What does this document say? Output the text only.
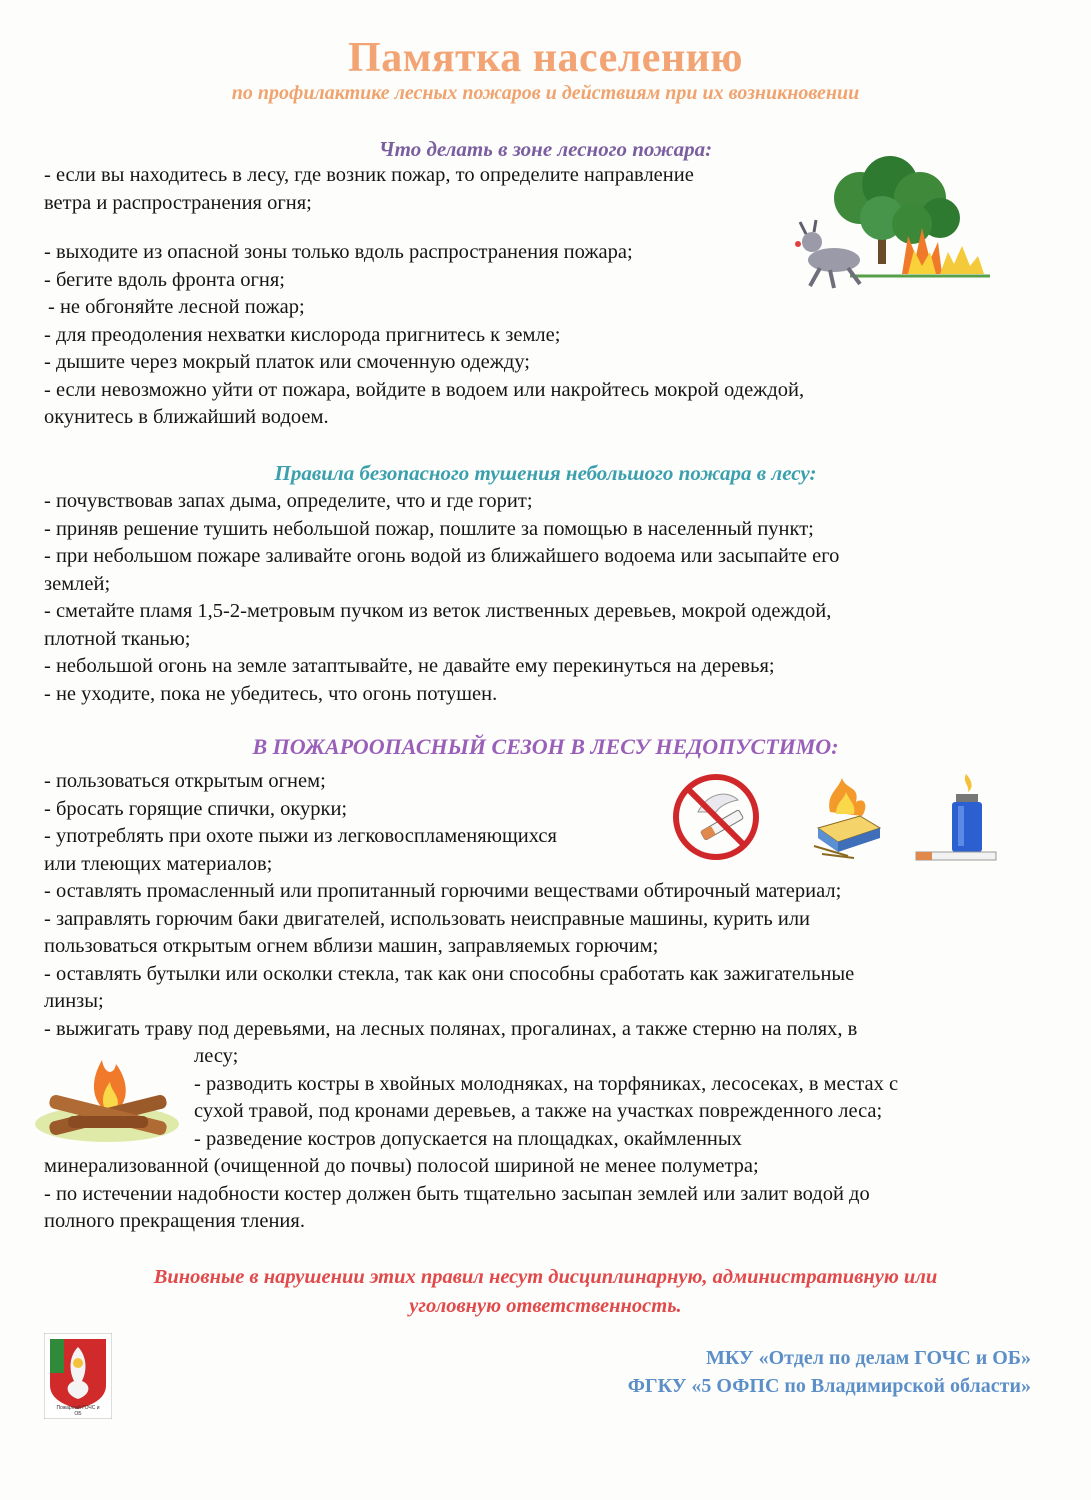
Памятка населению
по профилактике лесных пожаров и действиям при их возникновении
Что делать в зоне лесного пожара:

- если вы находитесь в лесу, где возник пожар, то определите направление

ветра и распространения огня;

- выходите из опасной зоны только вдоль распространения пожара;

- бегите вдоль фронта огня;

- не обгоняйте лесной пожар;

- для преодоления нехватки кислорода пригнитесь к земле;

- дышите через мокрый платок или смоченную одежду;

- если невозможно уйти от пожара, войдите в водоем или накройтесь мокрой одеждой,

окунитесь в ближайший водоем.

Правила безопасного тушения небольшого пожара в лесу:

- почувствовав запах дыма, определите, что и где горит;

- приняв решение тушить небольшой пожар, пошлите за помощью в населенный пункт;

- при небольшом пожаре заливайте огонь водой из ближайшего водоема или засыпайте его

землей;

- сметайте пламя 1,5-2-метровым пучком из веток лиственных деревьев, мокрой одеждой,

плотной тканью;

- небольшой огонь на земле затаптывайте, не давайте ему перекинуться на деревья;

- не уходите, пока не убедитесь, что огонь потушен.

В ПОЖАРООПАСНЫЙ СЕЗОН В ЛЕСУ НЕДОПУСТИМО:

- пользоваться открытым огнем;

- бросать горящие спички, окурки;

- употреблять при охоте пыжи из легковоспламеняющихся

или тлеющих материалов;

- оставлять промасленный или пропитанный горючими веществами обтирочный материал;

- заправлять горючим баки двигателей, использовать неисправные машины, курить или

пользоваться открытым огнем вблизи машин, заправляемых горючим;

- оставлять бутылки или осколки стекла, так как они способны сработать как зажигательные

линзы;

- выжигать траву под деревьями, на лесных полянах, прогалинах, а также стерню на полях, в

лесу;

- разводить костры в хвойных молодняках, на торфяниках, лесосеках, в местах с

сухой травой, под кронами деревьев, а также на участках поврежденного леса;

- разведение костров допускается на площадках, окаймленных

минерализованной (очищенной до почвы) полосой шириной не менее полуметра;

- по истечении надобности костер должен быть тщательно засыпан землей или залит водой до

полного прекращения тления.

Виновные в нарушении этих правил несут дисциплинарную, административную или
уголовную ответственность.
Пожарный ГОЧС и
ОБ
МКУ «Отдел по делам ГОЧС и ОБ»
ФГКУ «5 ОФПС по Владимирской области»
